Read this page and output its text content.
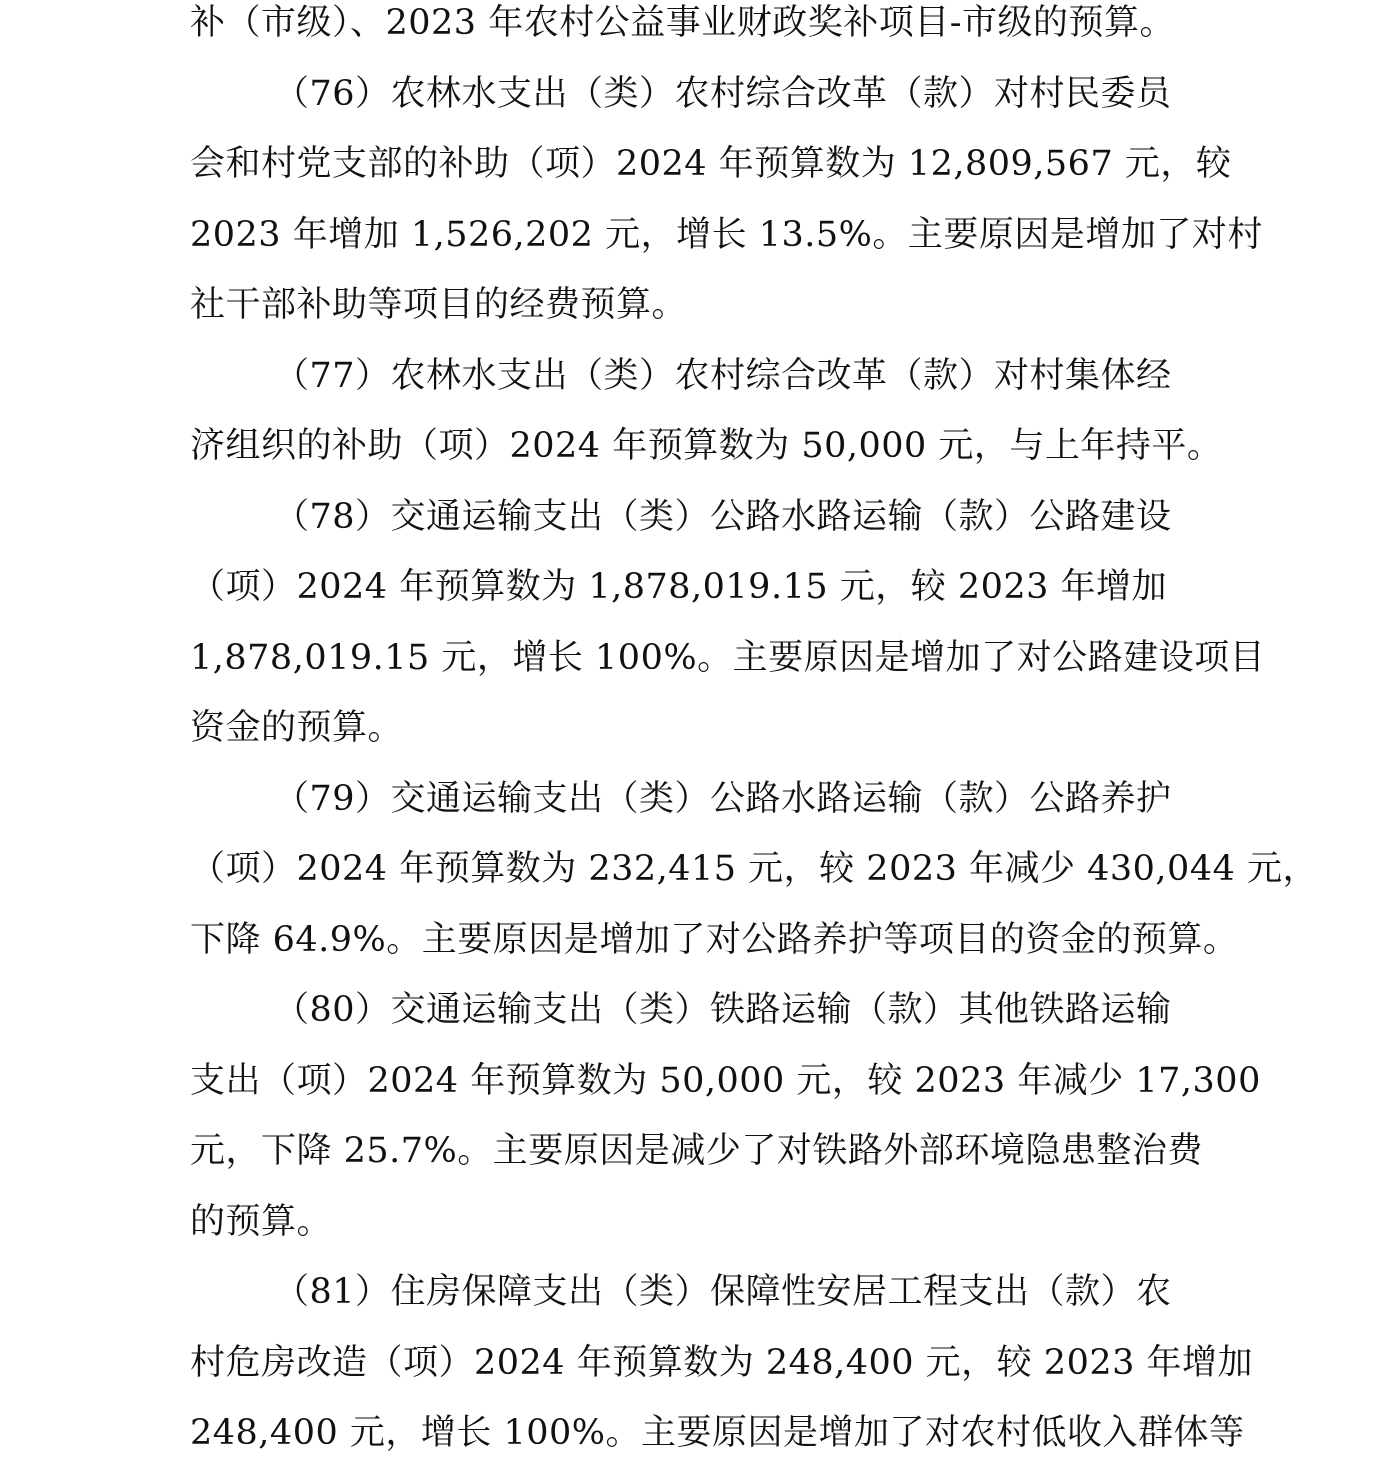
补（市级）、2023 年农村公益事业财政奖补项目-市级的预算。
（76）农林水支出（类）农村综合改革（款）对村民委员
会和村党支部的补助（项）2024 年预算数为 12,809,567 元，较
2023 年增加 1,526,202 元，增长 13.5%。主要原因是增加了对村
社干部补助等项目的经费预算。
（77）农林水支出（类）农村综合改革（款）对村集体经
济组织的补助（项）2024 年预算数为 50,000 元，与上年持平。
（78）交通运输支出（类）公路水路运输（款）公路建设
（项）2024 年预算数为 1,878,019.15 元，较 2023 年增加
1,878,019.15 元，增长 100%。主要原因是增加了对公路建设项目
资金的预算。
（79）交通运输支出（类）公路水路运输（款）公路养护
（项）2024 年预算数为 232,415 元，较 2023 年减少 430,044 元，
下降 64.9%。主要原因是增加了对公路养护等项目的资金的预算。
（80）交通运输支出（类）铁路运输（款）其他铁路运输
支出（项）2024 年预算数为 50,000 元，较 2023 年减少 17,300
元，下降 25.7%。主要原因是减少了对铁路外部环境隐患整治费
的预算。
（81）住房保障支出（类）保障性安居工程支出（款）农
村危房改造（项）2024 年预算数为 248,400 元，较 2023 年增加
248,400 元，增长 100%。主要原因是增加了对农村低收入群体等
